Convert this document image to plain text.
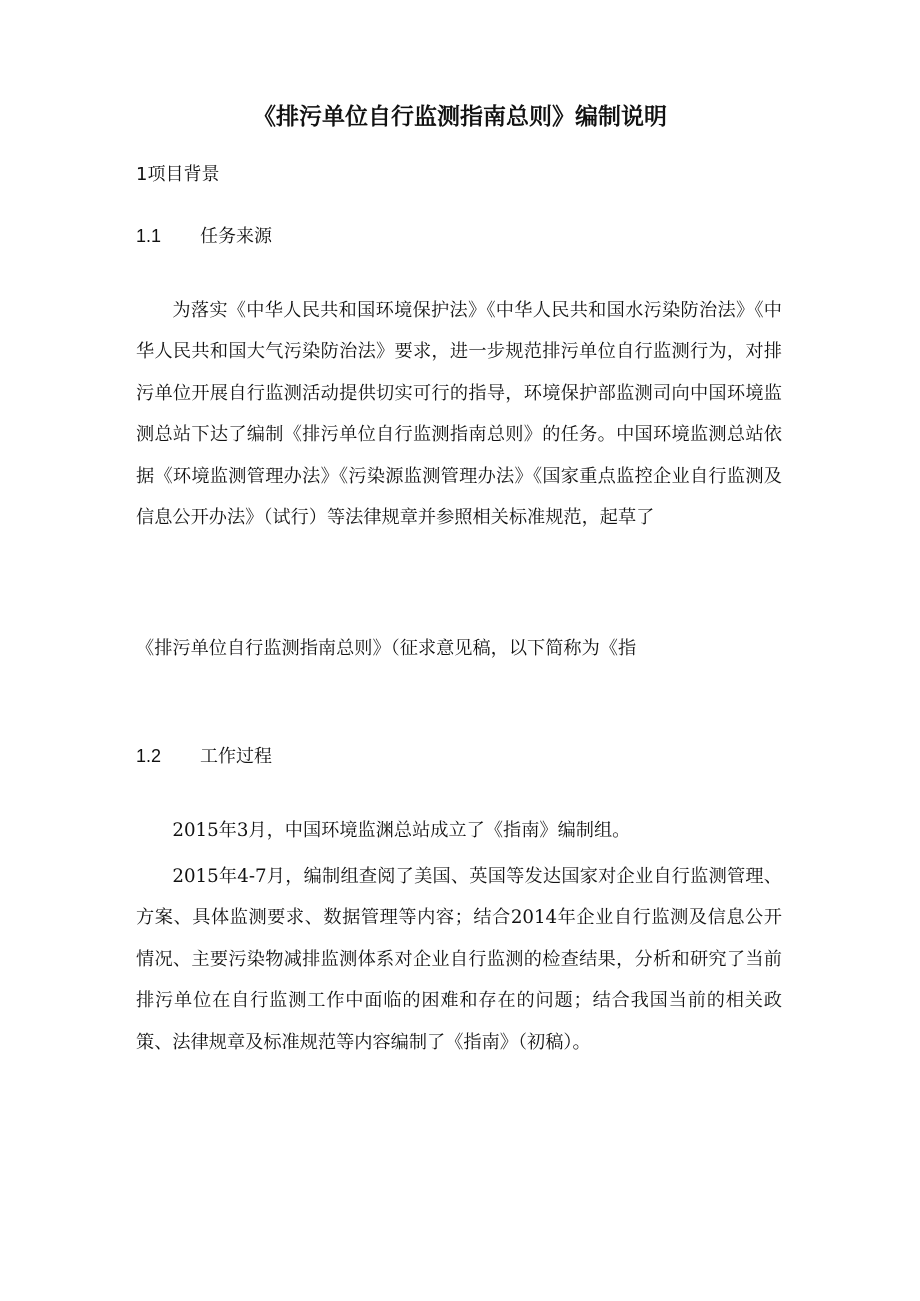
《排污单位自行监测指南总则》编制说明

1项目背景

1.1 任务来源

为落实《中华人民共和国环境保护法》《中华人民共和国水污染防治法》《中华人民共和国大气污染防治法》要求，进一步规范排污单位自行监测行为，对排污单位开展自行监测活动提供切实可行的指导，环境保护部监测司向中国环境监测总站下达了编制《排污单位自行监测指南总则》的任务。中国环境监测总站依据《环境监测管理办法》《污染源监测管理办法》《国家重点监控企业自行监测及信息公开办法》（试行）等法律规章并参照相关标准规范，起草了

《排污单位自行监测指南总则》（征求意见稿，以下简称为《指

1.2 工作过程

2015年3月，中国环境监渊总站成立了《指南》编制组。

2015年4-7月，编制组查阅了美国、英国等发达国家对企业自行监测管理、方案、具体监测要求、数据管理等内容；结合2014年企业自行监测及信息公开情况、主要污染物减排监测体系对企业自行监测的检查结果，分析和研究了当前排污单位在自行监测工作中面临的困难和存在的问题；结合我国当前的相关政策、法律规章及标准规范等内容编制了《指南》（初稿）。
